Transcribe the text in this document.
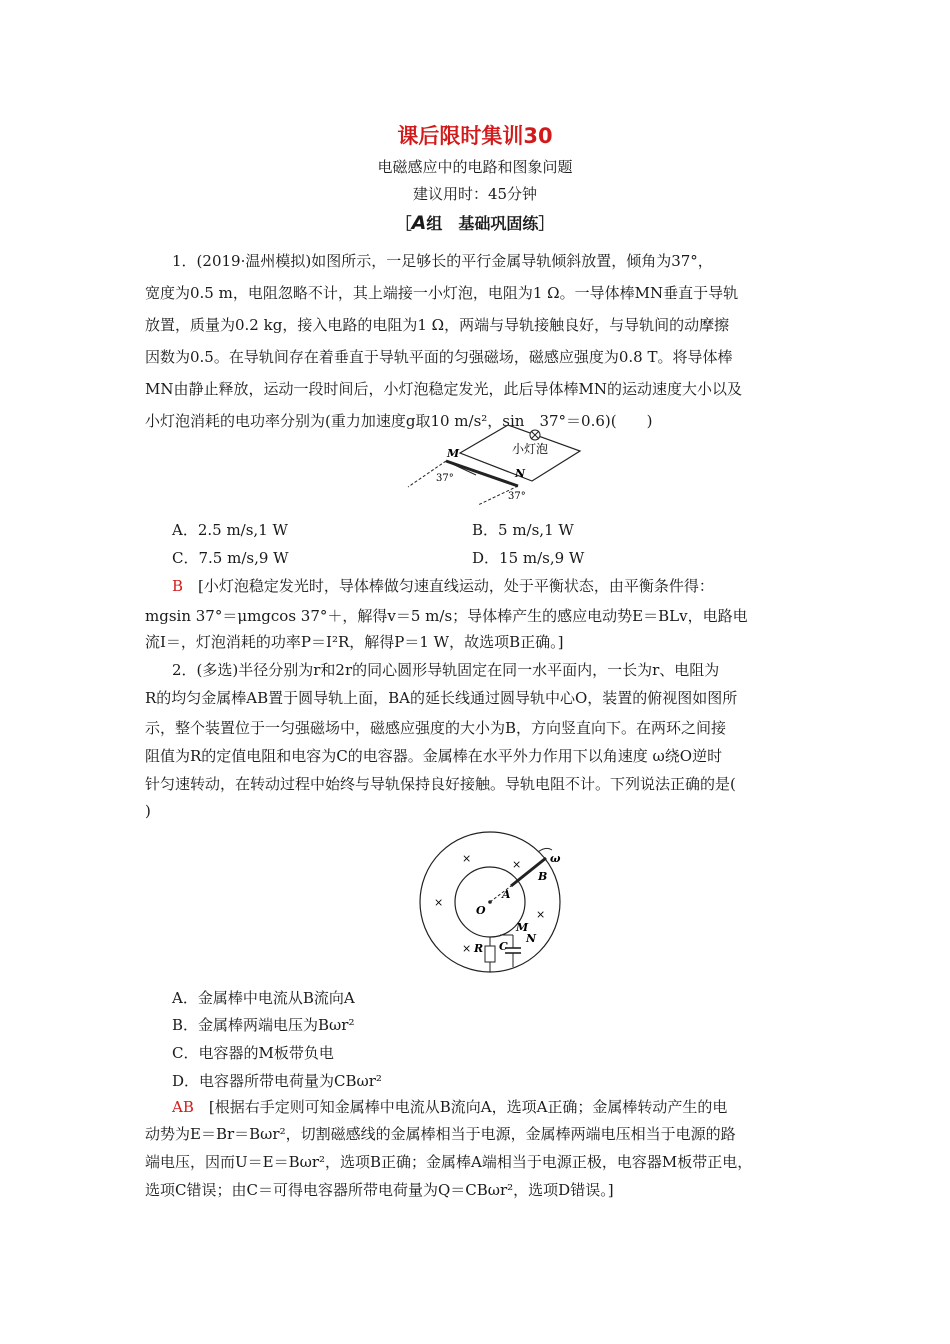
课后限时集训30
电磁感应中的电路和图象问题
建议用时：45分钟
［A组　基础巩固练］
1．(2019·温州模拟)如图所示，一足够长的平行金属导轨倾斜放置，倾角为37°，
宽度为0.5 m，电阻忽略不计，其上端接一小灯泡，电阻为1 Ω。一导体棒MN垂直于导轨
放置，质量为0.2 kg，接入电路的电阻为1 Ω，两端与导轨接触良好，与导轨间的动摩擦
因数为0.5。在导轨间存在着垂直于导轨平面的匀强磁场，磁感应强度为0.8 T。将导体棒
MN由静止释放，运动一段时间后，小灯泡稳定发光，此后导体棒MN的运动速度大小以及
小灯泡消耗的电功率分别为(重力加速度g取10 m/s²，sin　37°＝0.6)(　　)
M
N
小灯泡
37°
37°
A．2.5 m/s,1 W	B．5 m/s,1 W
C．7.5 m/s,9 W	D．15 m/s,9 W
B　[小灯泡稳定发光时，导体棒做匀速直线运动，处于平衡状态，由平衡条件得：
mgsin 37°＝μmgcos 37°＋，解得v＝5 m/s；导体棒产生的感应电动势E＝BLv，电路电
流I＝，灯泡消耗的功率P＝I²R，解得P＝1 W，故选项B正确。]
2．(多选)半径分别为r和2r的同心圆形导轨固定在同一水平面内，一长为r、电阻为
R的均匀金属棒AB置于圆导轨上面，BA的延长线通过圆导轨中心O，装置的俯视图如图所
示，整个装置位于一匀强磁场中，磁感应强度的大小为B，方向竖直向下。在两环之间接
阻值为R的定值电阻和电容为C的电容器。金属棒在水平外力作用下以角速度 ω绕O逆时
针匀速转动，在转动过程中始终与导轨保持良好接触。导轨电阻不计。下列说法正确的是(
)
O
A
B
ω
R C
M
N
×	×
×
×
×
A．金属棒中电流从B流向A
B．金属棒两端电压为Bωr²
C．电容器的M板带负电
D．电容器所带电荷量为CBωr²
AB　[根据右手定则可知金属棒中电流从B流向A，选项A正确；金属棒转动产生的电
动势为E＝Br＝Bωr²，切割磁感线的金属棒相当于电源，金属棒两端电压相当于电源的路
端电压，因而U＝E＝Bωr²，选项B正确；金属棒A端相当于电源正极，电容器M板带正电，
选项C错误；由C＝可得电容器所带电荷量为Q＝CBωr²，选项D错误。]
